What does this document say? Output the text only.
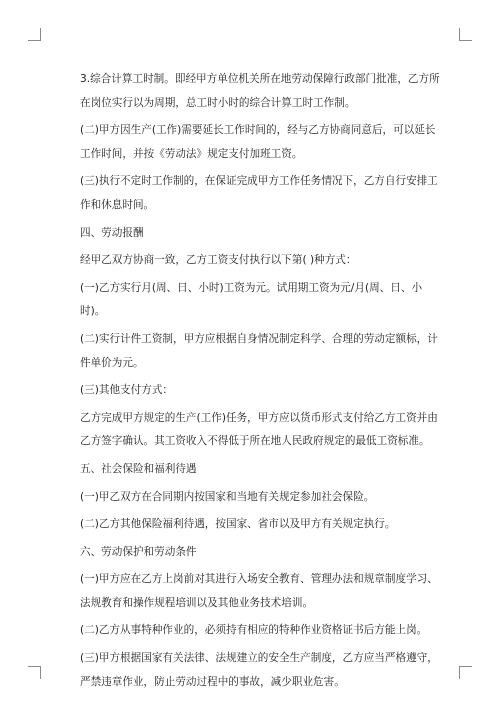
3.综合计算工时制。即经甲方单位机关所在地劳动保障行政部门批准，乙方所在岗位实行以为周期，总工时小时的综合计算工时工作制。

(二)甲方因生产(工作)需要延长工作时间的，经与乙方协商同意后，可以延长工作时间，并按《劳动法》规定支付加班工资。

(三)执行不定时工作制的，在保证完成甲方工作任务情况下，乙方自行安排工作和休息时间。

四、劳动报酬

经甲乙双方协商一致，乙方工资支付执行以下第( )种方式：

(一)乙方实行月(周、日、小时)工资为元。试用期工资为元/月(周、日、小时)。

(二)实行计件工资制，甲方应根据自身情况制定科学、合理的劳动定额标，计件单价为元。

(三)其他支付方式：

乙方完成甲方规定的生产(工作)任务，甲方应以货币形式支付给乙方工资并由乙方签字确认。其工资收入不得低于所在地人民政府规定的最低工资标准。

五、社会保险和福利待遇

(一)甲乙双方在合同期内按国家和当地有关规定参加社会保险。

(二)乙方其他保险福利待遇，按国家、省市以及甲方有关规定执行。

六、劳动保护和劳动条件

(一)甲方应在乙方上岗前对其进行入场安全教育、管理办法和规章制度学习、法规教育和操作规程培训以及其他业务技术培训。

(二)乙方从事特种作业的，必须持有相应的特种作业资格证书后方能上岗。

(三)甲方根据国家有关法律、法规建立的安全生产制度，乙方应当严格遵守，严禁违章作业，防止劳动过程中的事故，减少职业危害。
